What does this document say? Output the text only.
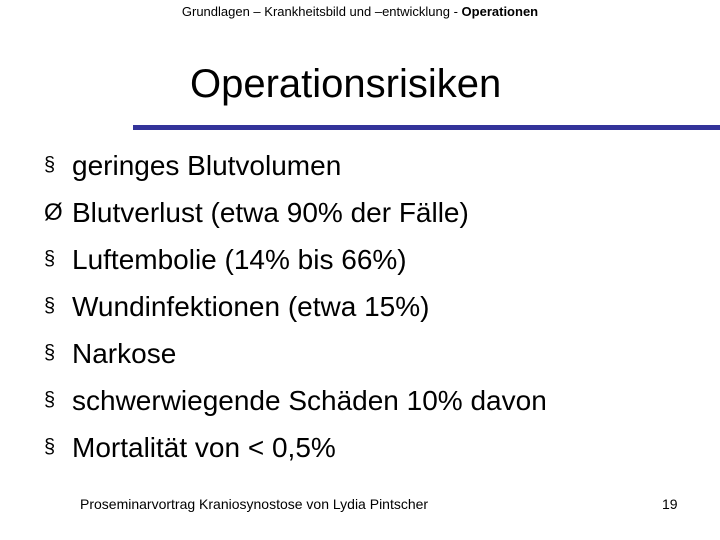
Grundlagen – Krankheitsbild und –entwicklung - Operationen
Operationsrisiken
§ geringes Blutvolumen
Ø Blutverlust (etwa 90% der Fälle)
§ Luftembolie (14% bis 66%)
§ Wundinfektionen (etwa 15%)
§ Narkose
§ schwerwiegende Schäden 10% davon
§ Mortalität von < 0,5%
Proseminarvortrag Kraniosynostose von Lydia Pintscher	19
